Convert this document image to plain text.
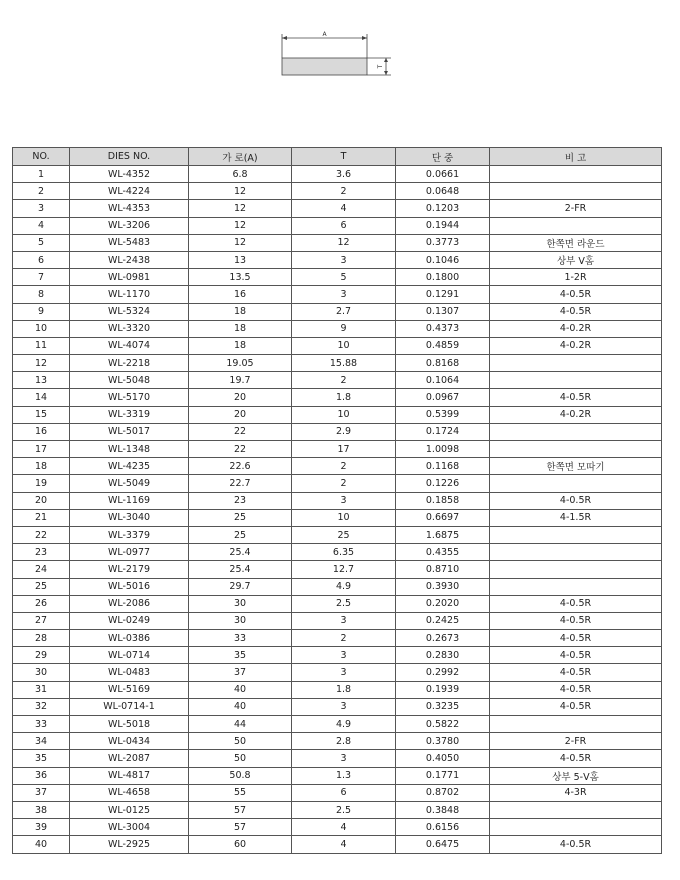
A
T
NO.	DIES NO.	가 로(A)	T	단 중	비 고
1	WL-4352	6.8	3.6	0.0661	
2	WL-4224	12	2	0.0648	
3	WL-4353	12	4	0.1203	2-FR
4	WL-3206	12	6	0.1944	
5	WL-5483	12	12	0.3773	한쪽면 라운드
6	WL-2438	13	3	0.1046	상부 V홈
7	WL-0981	13.5	5	0.1800	1-2R
8	WL-1170	16	3	0.1291	4-0.5R
9	WL-5324	18	2.7	0.1307	4-0.5R
10	WL-3320	18	9	0.4373	4-0.2R
11	WL-4074	18	10	0.4859	4-0.2R
12	WL-2218	19.05	15.88	0.8168	
13	WL-5048	19.7	2	0.1064	
14	WL-5170	20	1.8	0.0967	4-0.5R
15	WL-3319	20	10	0.5399	4-0.2R
16	WL-5017	22	2.9	0.1724	
17	WL-1348	22	17	1.0098	
18	WL-4235	22.6	2	0.1168	한쪽면 모따기
19	WL-5049	22.7	2	0.1226	
20	WL-1169	23	3	0.1858	4-0.5R
21	WL-3040	25	10	0.6697	4-1.5R
22	WL-3379	25	25	1.6875	
23	WL-0977	25.4	6.35	0.4355	
24	WL-2179	25.4	12.7	0.8710	
25	WL-5016	29.7	4.9	0.3930	
26	WL-2086	30	2.5	0.2020	4-0.5R
27	WL-0249	30	3	0.2425	4-0.5R
28	WL-0386	33	2	0.2673	4-0.5R
29	WL-0714	35	3	0.2830	4-0.5R
30	WL-0483	37	3	0.2992	4-0.5R
31	WL-5169	40	1.8	0.1939	4-0.5R
32	WL-0714-1	40	3	0.3235	4-0.5R
33	WL-5018	44	4.9	0.5822	
34	WL-0434	50	2.8	0.3780	2-FR
35	WL-2087	50	3	0.4050	4-0.5R
36	WL-4817	50.8	1.3	0.1771	상부 5-V홈
37	WL-4658	55	6	0.8702	4-3R
38	WL-0125	57	2.5	0.3848	
39	WL-3004	57	4	0.6156	
40	WL-2925	60	4	0.6475	4-0.5R
